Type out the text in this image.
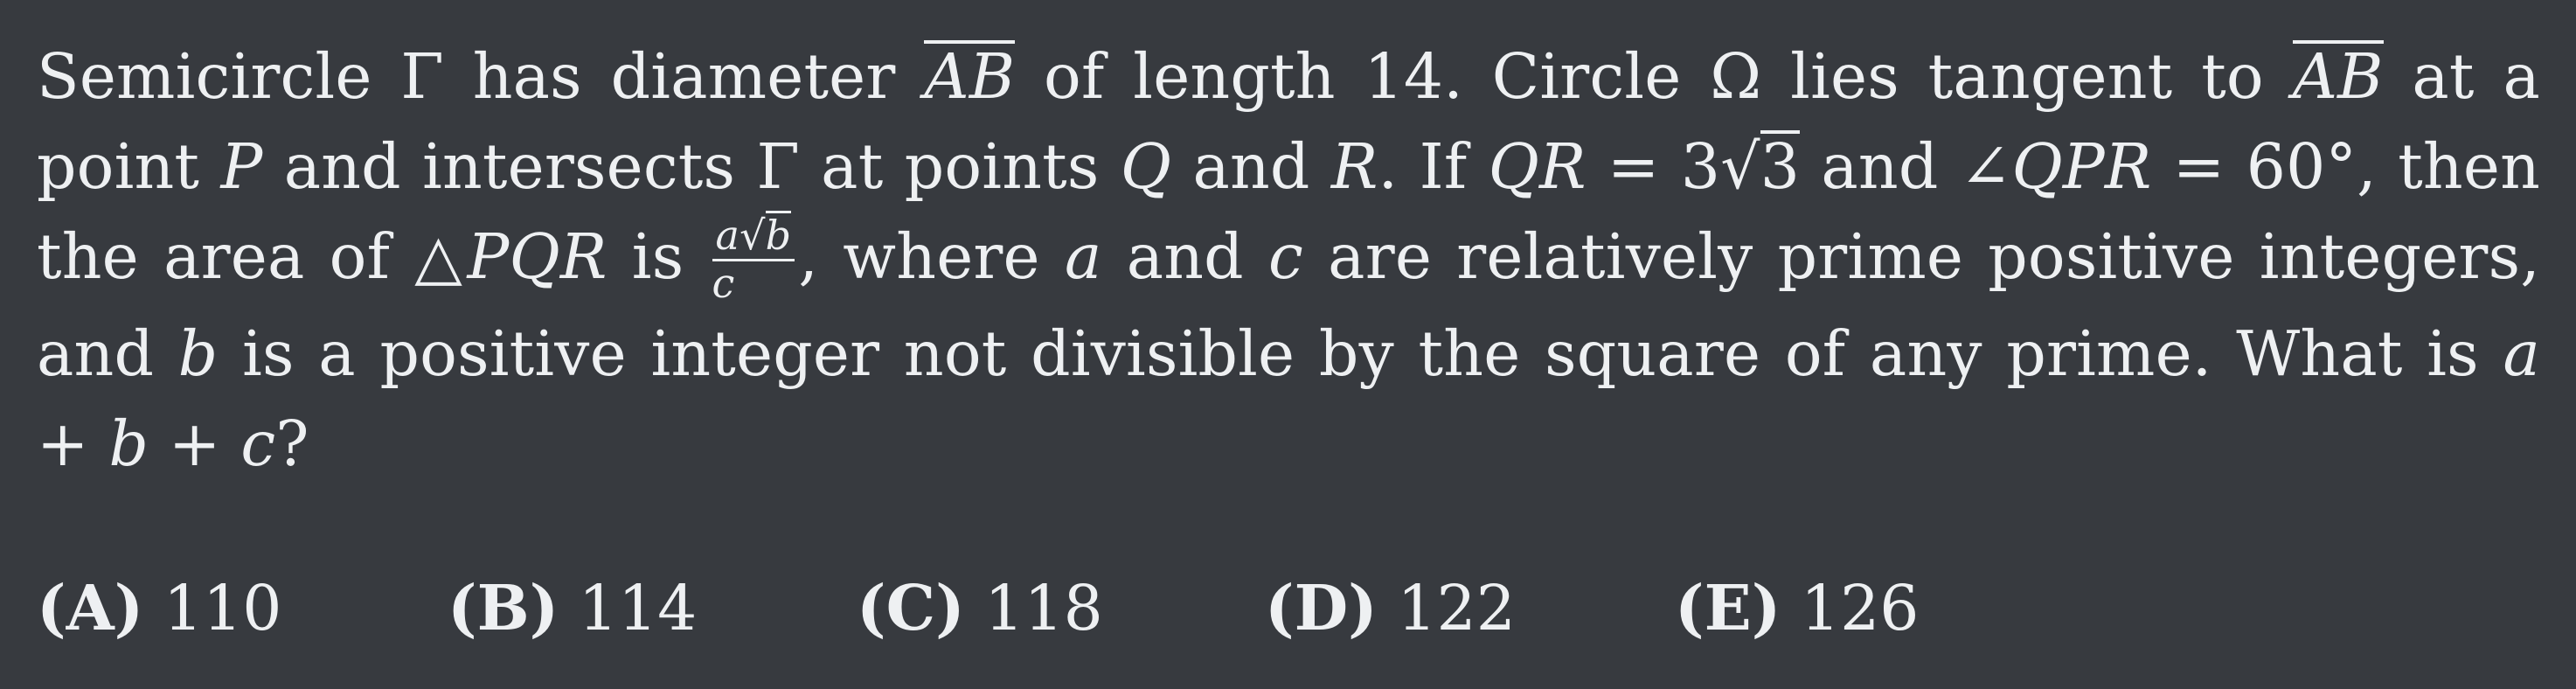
Semicircle Γ has diameter AB of length 14. Circle Ω lies tangent to AB at a point P and intersects Γ at points Q and R. If QR = 3√3 and ∠QPR = 60°, then the area of △PQR is $\frac{a√b}{c}$ , where a and c are relatively prime positive integers, and b is a positive integer not divisible by the square of any prime. What is a + b + c?
(A) 110	(B) 114	(C) 118	(D) 122	(E) 126
